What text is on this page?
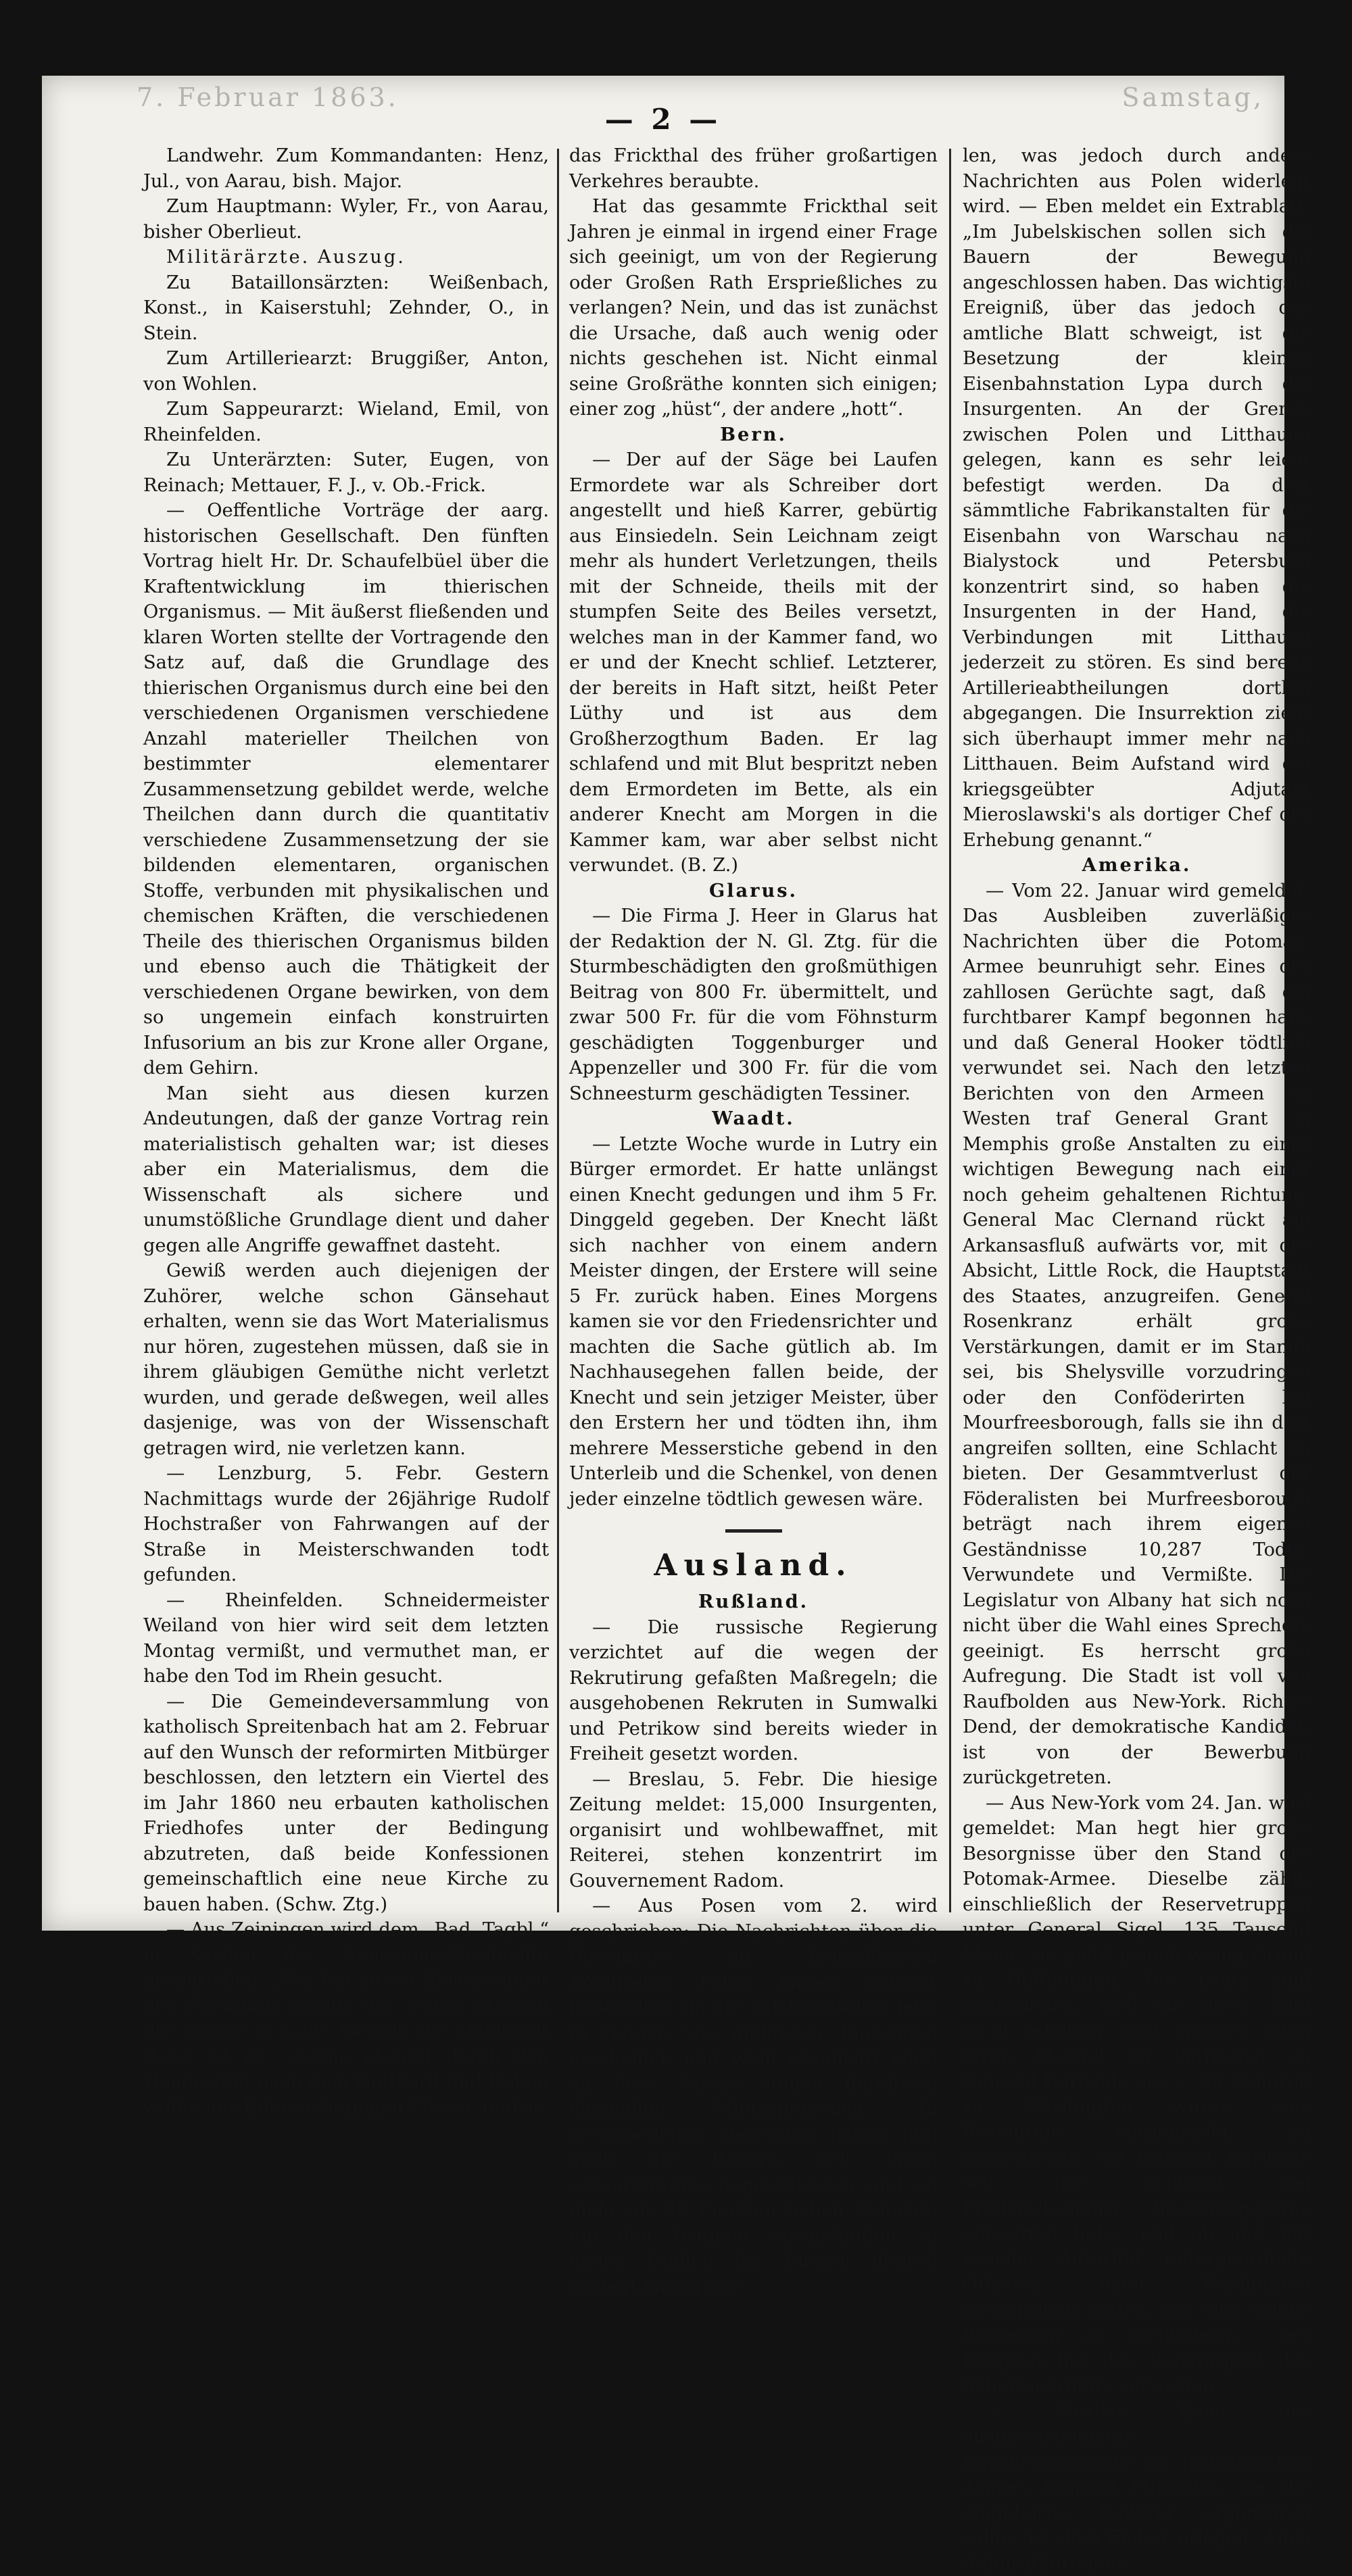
7. Februar 1863.	Samstag,
— 2 —

Landwehr. Zum Kommandanten: Henz, Jul., von Aarau, bish. Major.

Zum Hauptmann: Wyler, Fr., von Aarau, bisher Oberlieut.

Militärärzte. Auszug.

Zu Bataillonsärzten: Weißenbach, Konst., in Kaiserstuhl; Zehnder, O., in Stein.

Zum Artilleriearzt: Bruggißer, Anton, von Wohlen.

Zum Sappeurarzt: Wieland, Emil, von Rheinfelden.

Zu Unterärzten: Suter, Eugen, von Reinach; Mettauer, F. J., v. Ob.-Frick.

— Oeffentliche Vorträge der aarg. historischen Gesellschaft. Den fünften Vortrag hielt Hr. Dr. Schaufelbüel über die Kraftentwicklung im thierischen Organismus. — Mit äußerst fließenden und klaren Worten stellte der Vortragende den Satz auf, daß die Grundlage des thierischen Organismus durch eine bei den verschiedenen Organismen verschiedene Anzahl materieller Theilchen von bestimmter elementarer Zusammensetzung gebildet werde, welche Theilchen dann durch die quantitativ verschiedene Zusammensetzung der sie bildenden elementaren, organischen Stoffe, verbunden mit physikalischen und chemischen Kräften, die verschiedenen Theile des thierischen Organismus bilden und ebenso auch die Thätigkeit der verschiedenen Organe bewirken, von dem so ungemein einfach konstruirten Infusorium an bis zur Krone aller Organe, dem Gehirn.

Man sieht aus diesen kurzen Andeutungen, daß der ganze Vortrag rein materialistisch gehalten war; ist dieses aber ein Materialismus, dem die Wissenschaft als sichere und unumstößliche Grundlage dient und daher gegen alle Angriffe gewaffnet dasteht.

Gewiß werden auch diejenigen der Zuhörer, welche schon Gänsehaut erhalten, wenn sie das Wort Materialismus nur hören, zugestehen müssen, daß sie in ihrem gläubigen Gemüthe nicht verletzt wurden, und gerade deßwegen, weil alles dasjenige, was von der Wissenschaft getragen wird, nie verletzen kann.

— Lenzburg, 5. Febr. Gestern Nachmittags wurde der 26jährige Rudolf Hochstraßer von Fahrwangen auf der Straße in Meisterschwanden todt gefunden.

— Rheinfelden. Schneidermeister Weiland von hier wird seit dem letzten Montag vermißt, und vermuthet man, er habe den Tod im Rhein gesucht.

— Die Gemeindeversammlung von katholisch Spreitenbach hat am 2. Februar auf den Wunsch der reformirten Mitbürger beschlossen, den letztern ein Viertel des im Jahr 1860 neu erbauten katholischen Friedhofes unter der Bedingung abzutreten, daß beide Konfessionen gemeinschaftlich eine neue Kirche zu bauen haben. (Schw. Ztg.)

— Aus Zeiningen wird dem „Bad. Tagbl.“ in Sachen der Annexions-Geschichte geschrieben: „Wer hat an der Zerrissenheit des Frickthals infolge der leeren Straßen die meiste Schuld? Gerade die Geldstadt Basel ist es, welche absolut durch den Hauenstein nach dem Gotthard und Italien wollte aus Eifersucht gegen Zürich, und so

das Frickthal des früher großartigen Verkehres beraubte.

Hat das gesammte Frickthal seit Jahren je einmal in irgend einer Frage sich geeinigt, um von der Regierung oder Großen Rath Ersprießliches zu verlangen? Nein, und das ist zunächst die Ursache, daß auch wenig oder nichts geschehen ist. Nicht einmal seine Großräthe konnten sich einigen; einer zog „hüst“, der andere „hott“.

Bern.

— Der auf der Säge bei Laufen Ermordete war als Schreiber dort angestellt und hieß Karrer, gebürtig aus Einsiedeln. Sein Leichnam zeigt mehr als hundert Verletzungen, theils mit der Schneide, theils mit der stumpfen Seite des Beiles versetzt, welches man in der Kammer fand, wo er und der Knecht schlief. Letzterer, der bereits in Haft sitzt, heißt Peter Lüthy und ist aus dem Großherzogthum Baden. Er lag schlafend und mit Blut bespritzt neben dem Ermordeten im Bette, als ein anderer Knecht am Morgen in die Kammer kam, war aber selbst nicht verwundet. (B. Z.)

Glarus.

— Die Firma J. Heer in Glarus hat der Redaktion der N. Gl. Ztg. für die Sturmbeschädigten den großmüthigen Beitrag von 800 Fr. übermittelt, und zwar 500 Fr. für die vom Föhnsturm geschädigten Toggenburger und Appenzeller und 300 Fr. für die vom Schneesturm geschädigten Tessiner.

Waadt.

— Letzte Woche wurde in Lutry ein Bürger ermordet. Er hatte unlängst einen Knecht gedungen und ihm 5 Fr. Dinggeld gegeben. Der Knecht läßt sich nachher von einem andern Meister dingen, der Erstere will seine 5 Fr. zurück haben. Eines Morgens kamen sie vor den Friedensrichter und machten die Sache gütlich ab. Im Nachhausegehen fallen beide, der Knecht und sein jetziger Meister, über den Erstern her und tödten ihn, ihm mehrere Messerstiche gebend in den Unterleib und die Schenkel, von denen jeder einzelne tödtlich gewesen wäre.

Ausland.

Rußland.

— Die russische Regierung verzichtet auf die wegen der Rekrutirung gefaßten Maßregeln; die ausgehobenen Rekruten in Sumwalki und Petrikow sind bereits wieder in Freiheit gesetzt worden.

— Breslau, 5. Febr. Die hiesige Zeitung meldet: 15,000 Insurgenten, organisirt und wohlbewaffnet, mit Reiterei, stehen konzentrirt im Gouvernement Radom.

— Aus Posen vom 2. wird geschrieben: Die Nachrichten über die Revolution im benachbarten Königreich Polen lauten äußerst bedenklich, da die Aufständischen jetzt in Haufen von mehreren Tausenden erscheinen und wohl organisirt sind; an ihrer Spitze stehen durchweg ehemalige Militärpersonen. In verschiedenen Gegenden haben nun auch die Bauern sich ihnen schaarenweise angeschlossen und an mehr als 20 Punkten haben Gefechte mit den Truppen stattgefunden, in denen freilich die Russen überall gesiegt haben wol-

len, was jedoch durch andere Nachrichten aus Polen widerlegt wird. — Eben meldet ein Extrablatt: „Im Jubelskischen sollen sich die Bauern der Bewegung angeschlossen haben. Das wichtigste Ereigniß, über das jedoch das amtliche Blatt schweigt, ist die Besetzung der kleinen Eisenbahnstation Lypa durch die Insurgenten. An der Grenze zwischen Polen und Litthauen gelegen, kann es sehr leicht befestigt werden. Da dort sämmtliche Fabrikanstalten für die Eisenbahn von Warschau nach Bialystock und Petersburg konzentrirt sind, so haben die Insurgenten in der Hand, die Verbindungen mit Litthauen jederzeit zu stören. Es sind bereits Artillerieabtheilungen dorthin abgegangen. Die Insurrektion zieht sich überhaupt immer mehr nach Litthauen. Beim Aufstand wird ein kriegsgeübter Adjutant Mieroslawski's als dortiger Chef der Erhebung genannt.“

Amerika.

— Vom 22. Januar wird gemeldet: Das Ausbleiben zuverläßiger Nachrichten über die Potomak-Armee beunruhigt sehr. Eines der zahllosen Gerüchte sagt, daß ein furchtbarer Kampf begonnen habe und daß General Hooker tödtlich verwundet sei. Nach den letzten Berichten von den Armeen im Westen traf General Grant in Memphis große Anstalten zu einer wichtigen Bewegung nach einer noch geheim gehaltenen Richtung. General Mac Clernand rückt am Arkansasfluß aufwärts vor, mit der Absicht, Little Rock, die Hauptstadt des Staates, anzugreifen. General Rosenkranz erhält große Verstärkungen, damit er im Stande sei, bis Shelysville vorzudringen oder den Conföderirten bei Mourfreesborough, falls sie ihn dort angreifen sollten, eine Schlacht zu bieten. Der Gesammtverlust der Föderalisten bei Murfreesborough beträgt nach ihrem eigenen Geständnisse 10,287 Todte, Verwundete und Vermißte. Die Legislatur von Albany hat sich noch nicht über die Wahl eines Sprechers geeinigt. Es herrscht große Aufregung. Die Stadt ist voll von Raufbolden aus New-York. Richter Dend, der demokratische Kandidat, ist von der Bewerbung zurückgetreten.

— Aus New-York vom 24. Jan. wird gemeldet: Man hegt hier große Besorgnisse über den Stand der Potomak-Armee. Dieselbe zählt, einschließlich der Reservetruppen unter General Sigel, 135 Tausend Mann; sie giebt jedoch wenig Grund zu Hoffnungen. Die Leute sind unzufrieden, weil sie ihren Sold nicht erhalten, und drücken offen ihren Mangel an Vertrauen zu General Burnside aus.... Im Kongreß zu Washington wurde eine Resolution vorgebracht, zu untersuchen, ob General Burnside seit der Schlacht bei Fredericksbourg Bewegungspläne entworfen habe, und ob und mit welcher Autorität untergeordnete Offiziere nach Washington geschrieben hätten, um eine solche Bewegung zu verhindern.... Der Kongreß hat das Bankprojekt des Schatzsekretärs verworfen.

— Mexiko. Einer der ausgezeichnetsten Kavallerieoffiziere der französischen Armee, General Mirandot, der die eingeborne Reiterei organisiren sollte, ist dem Fieber erlegen. Auch Admiral Jurien de
